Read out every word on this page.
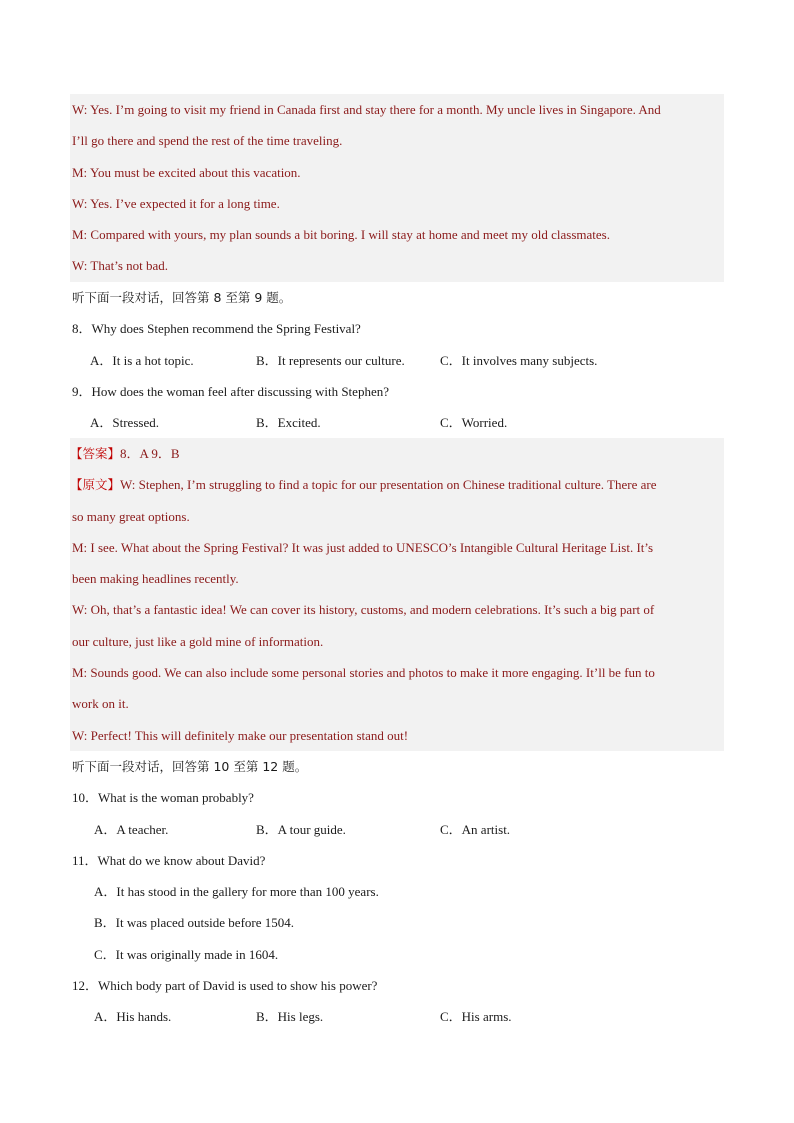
W: Yes. I’m going to visit my friend in Canada first and stay there for a month. My uncle lives in Singapore. And
I’ll go there and spend the rest of the time traveling.
M: You must be excited about this vacation.
W: Yes. I’ve expected it for a long time.
M: Compared with yours, my plan sounds a bit boring. I will stay at home and meet my old classmates.
W: That’s not bad.
听下面一段对话，回答第 8 至第 9 题。
8．Why does Stephen recommend the Spring Festival?
A．It is a hot topic.	B．It represents our culture.	C．It involves many subjects.
9．How does the woman feel after discussing with Stephen?
A．Stressed.	B．Excited.	C．Worried.
【答案】8．A 9．B
【原文】W: Stephen, I’m struggling to find a topic for our presentation on Chinese traditional culture. There are
so many great options.
M: I see. What about the Spring Festival? It was just added to UNESCO’s Intangible Cultural Heritage List. It’s
been making headlines recently.
W: Oh, that’s a fantastic idea! We can cover its history, customs, and modern celebrations. It’s such a big part of
our culture, just like a gold mine of information.
M: Sounds good. We can also include some personal stories and photos to make it more engaging. It’ll be fun to
work on it.
W: Perfect! This will definitely make our presentation stand out!
听下面一段对话，回答第 10 至第 12 题。
10．What is the woman probably?
A．A teacher.	B．A tour guide.	C．An artist.
11．What do we know about David?
A．It has stood in the gallery for more than 100 years.
B．It was placed outside before 1504.
C．It was originally made in 1604.
12．Which body part of David is used to show his power?
A．His hands.	B．His legs.	C．His arms.
